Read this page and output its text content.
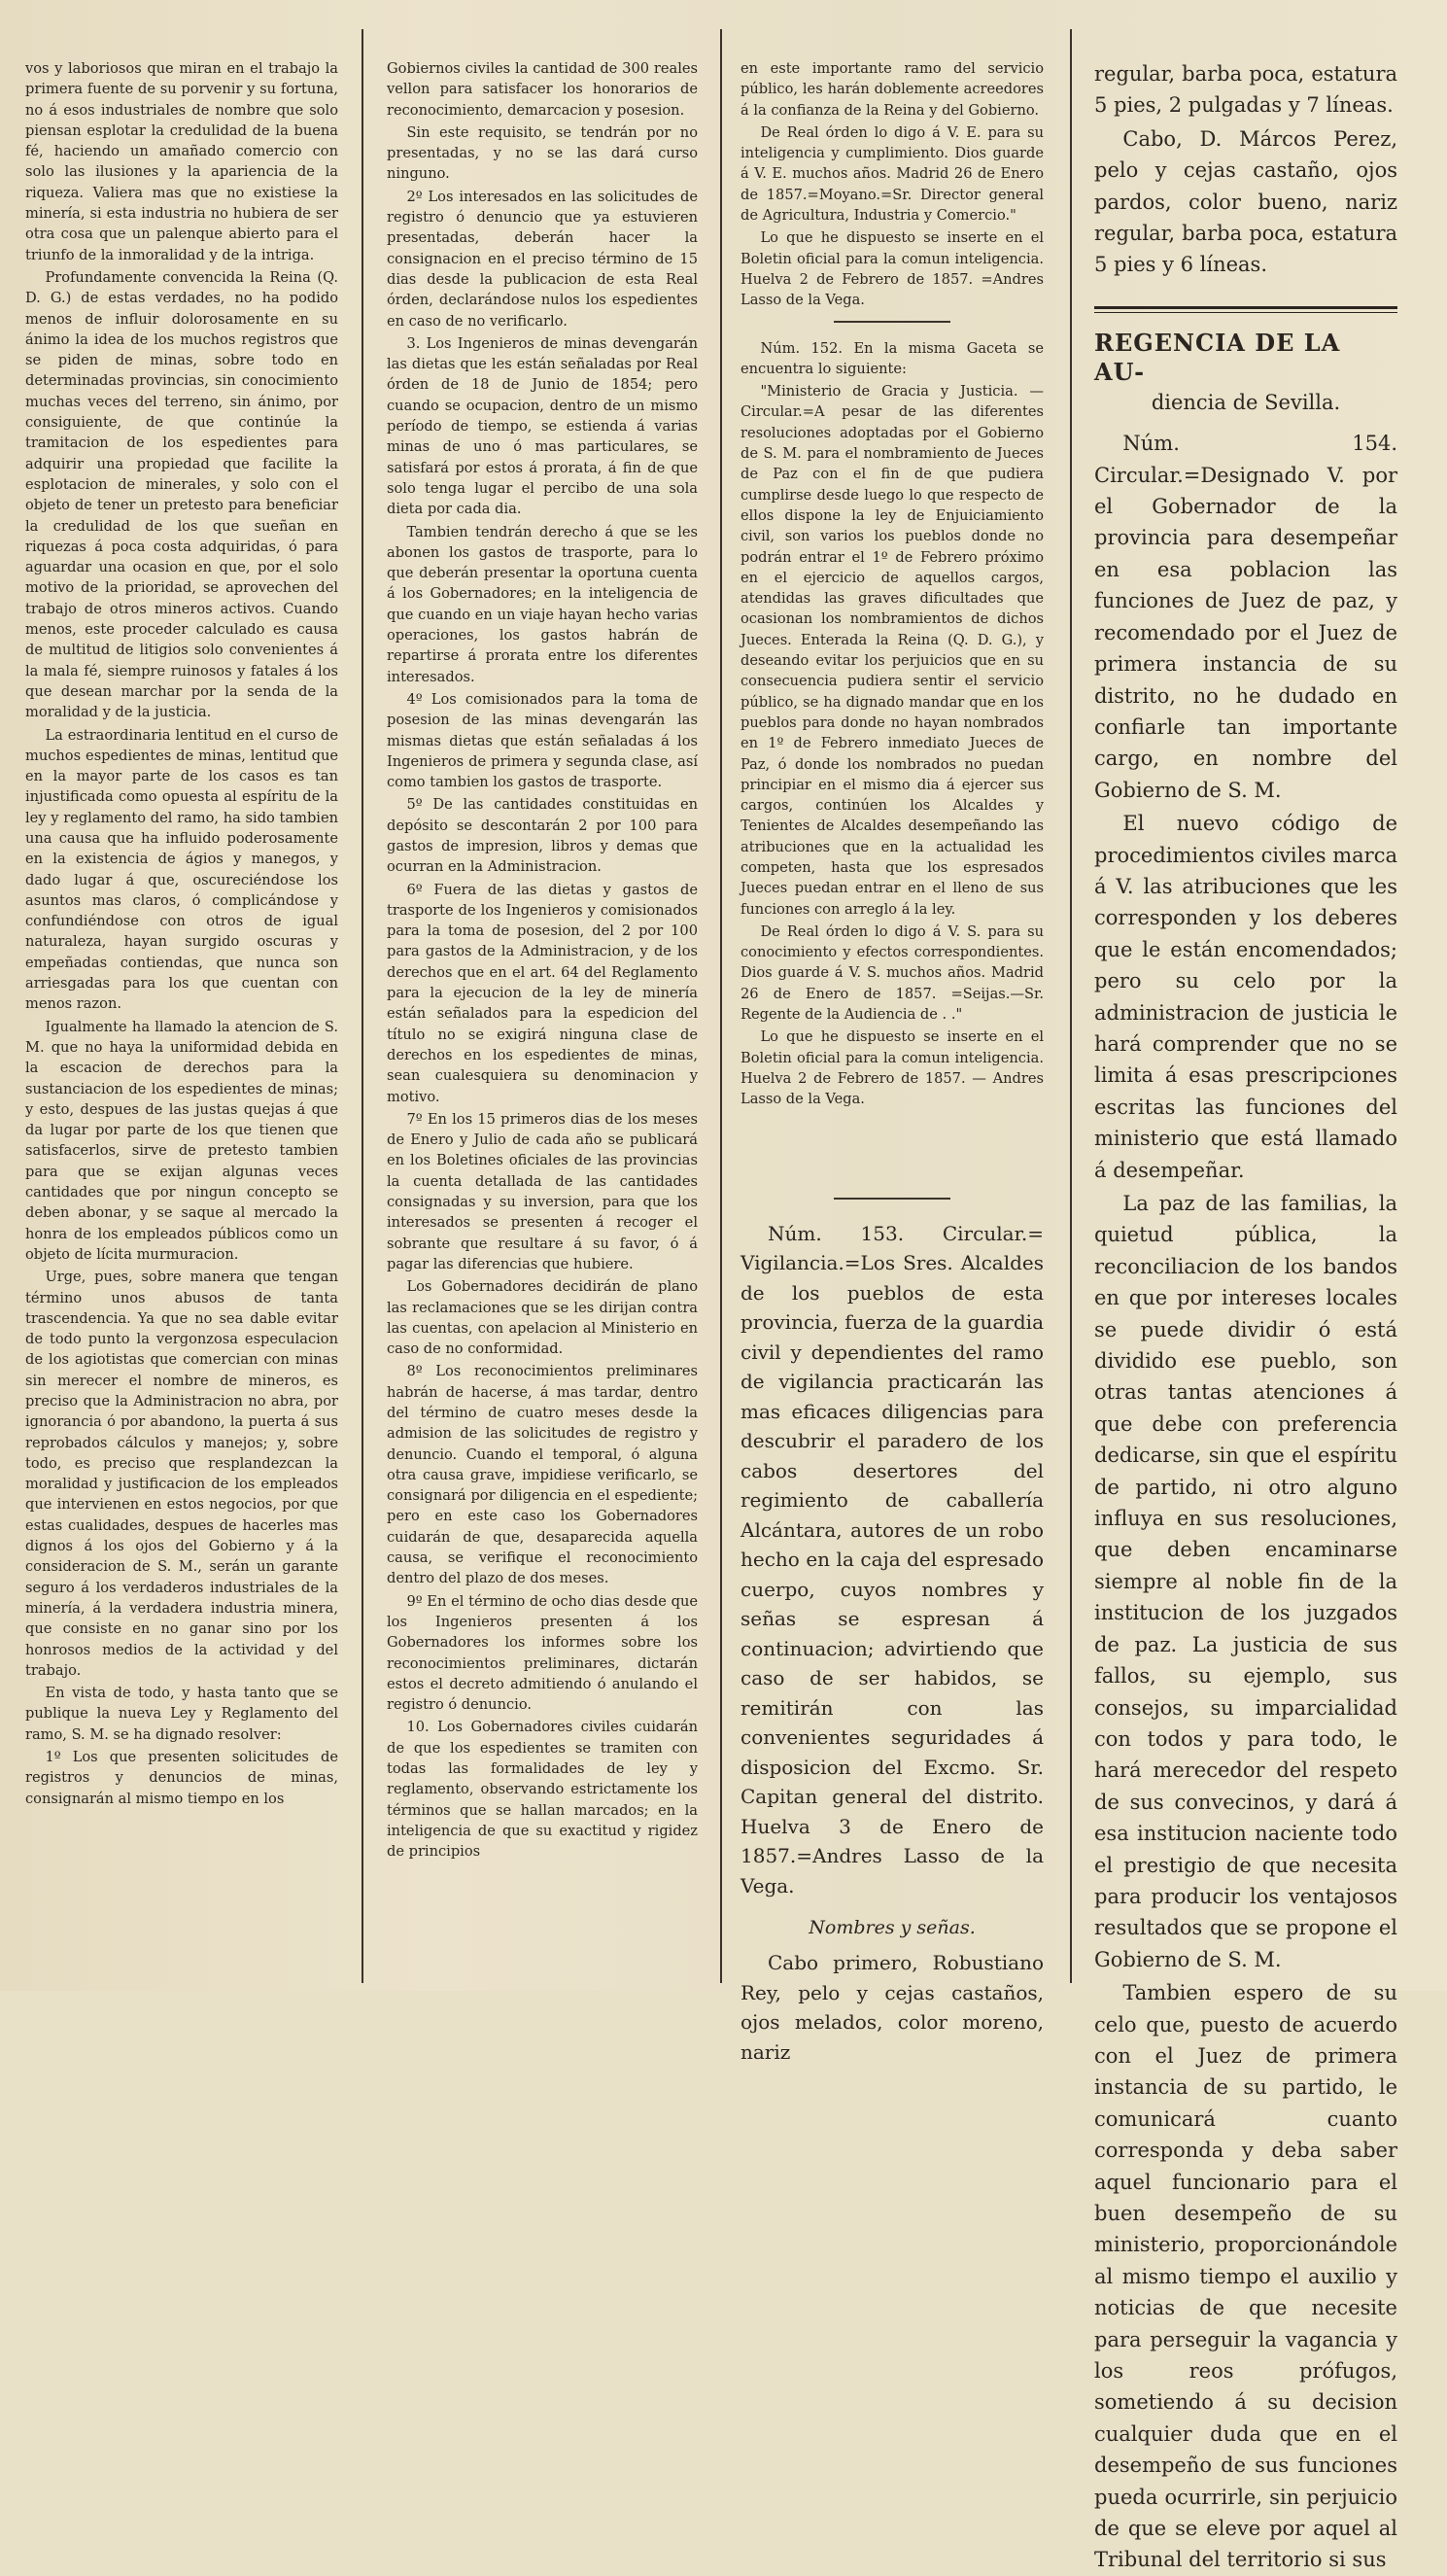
vos y laboriosos que miran en el trabajo la primera fuente de su porvenir y su fortuna, no á esos industriales de nombre que solo piensan esplotar la credulidad de la buena fé, haciendo un amañado comercio con solo las ilusiones y la apariencia de la riqueza. Valiera mas que no existiese la minería, si esta industria no hubiera de ser otra cosa que un palenque abierto para el triunfo de la inmoralidad y de la intriga.

Profundamente convencida la Reina (Q. D. G.) de estas verdades, no ha podido menos de influir dolorosamente en su ánimo la idea de los muchos registros que se piden de minas, sobre todo en determinadas provincias, sin conocimiento muchas veces del terreno, sin ánimo, por consiguiente, de que continúe la tramitacion de los espedientes para adquirir una propiedad que facilite la esplotacion de minerales, y solo con el objeto de tener un pretesto para beneficiar la credulidad de los que sueñan en riquezas á poca costa adquiridas, ó para aguardar una ocasion en que, por el solo motivo de la prioridad, se aprovechen del trabajo de otros mineros activos. Cuando menos, este proceder calculado es causa de multitud de litigios solo convenientes á la mala fé, siempre ruinosos y fatales á los que desean marchar por la senda de la moralidad y de la justicia.

La estraordinaria lentitud en el curso de muchos espedientes de minas, lentitud que en la mayor parte de los casos es tan injustificada como opuesta al espíritu de la ley y reglamento del ramo, ha sido tambien una causa que ha influido poderosamente en la existencia de ágios y manegos, y dado lugar á que, oscureciéndose los asuntos mas claros, ó complicándose y confundiéndose con otros de igual naturaleza, hayan surgido oscuras y empeñadas contiendas, que nunca son arriesgadas para los que cuentan con menos razon.

Igualmente ha llamado la atencion de S. M. que no haya la uniformidad debida en la escacion de derechos para la sustanciacion de los espedientes de minas; y esto, despues de las justas quejas á que da lugar por parte de los que tienen que satisfacerlos, sirve de pretesto tambien para que se exijan algunas veces cantidades que por ningun concepto se deben abonar, y se saque al mercado la honra de los empleados públicos como un objeto de lícita murmuracion.

Urge, pues, sobre manera que tengan término unos abusos de tanta trascendencia. Ya que no sea dable evitar de todo punto la vergonzosa especulacion de los agiotistas que comercian con minas sin merecer el nombre de mineros, es preciso que la Administracion no abra, por ignorancia ó por abandono, la puerta á sus reprobados cálculos y manejos; y, sobre todo, es preciso que resplandezcan la moralidad y justificacion de los empleados que intervienen en estos negocios, por que estas cualidades, despues de hacerles mas dignos á los ojos del Gobierno y á la consideracion de S. M., serán un garante seguro á los verdaderos industriales de la minería, á la verdadera industria minera, que consiste en no ganar sino por los honrosos medios de la actividad y del trabajo.

En vista de todo, y hasta tanto que se publique la nueva Ley y Reglamento del ramo, S. M. se ha dignado resolver:

1º Los que presenten solicitudes de registros y denuncios de minas, consignarán al mismo tiempo en los

Gobiernos civiles la cantidad de 300 reales vellon para satisfacer los honorarios de reconocimiento, demarcacion y posesion.

Sin este requisito, se tendrán por no presentadas, y no se las dará curso ninguno.

2º Los interesados en las solicitudes de registro ó denuncio que ya estuvieren presentadas, deberán hacer la consignacion en el preciso término de 15 dias desde la publicacion de esta Real órden, declarándose nulos los espedientes en caso de no verificarlo.

3. Los Ingenieros de minas devengarán las dietas que les están señaladas por Real órden de 18 de Junio de 1854; pero cuando se ocupacion, dentro de un mismo período de tiempo, se estienda á varias minas de uno ó mas particulares, se satisfará por estos á prorata, á fin de que solo tenga lugar el percibo de una sola dieta por cada dia.

Tambien tendrán derecho á que se les abonen los gastos de trasporte, para lo que deberán presentar la oportuna cuenta á los Gobernadores; en la inteligencia de que cuando en un viaje hayan hecho varias operaciones, los gastos habrán de repartirse á prorata entre los diferentes interesados.

4º Los comisionados para la toma de posesion de las minas devengarán las mismas dietas que están señaladas á los Ingenieros de primera y segunda clase, así como tambien los gastos de trasporte.

5º De las cantidades constituidas en depósito se descontarán 2 por 100 para gastos de impresion, libros y demas que ocurran en la Administracion.

6º Fuera de las dietas y gastos de trasporte de los Ingenieros y comisionados para la toma de posesion, del 2 por 100 para gastos de la Administracion, y de los derechos que en el art. 64 del Reglamento para la ejecucion de la ley de minería están señalados para la espedicion del título no se exigirá ninguna clase de derechos en los espedientes de minas, sean cualesquiera su denominacion y motivo.

7º En los 15 primeros dias de los meses de Enero y Julio de cada año se publicará en los Boletines oficiales de las provincias la cuenta detallada de las cantidades consignadas y su inversion, para que los interesados se presenten á recoger el sobrante que resultare á su favor, ó á pagar las diferencias que hubiere.

Los Gobernadores decidirán de plano las reclamaciones que se les dirijan contra las cuentas, con apelacion al Ministerio en caso de no conformidad.

8º Los reconocimientos preliminares habrán de hacerse, á mas tardar, dentro del término de cuatro meses desde la admision de las solicitudes de registro y denuncio. Cuando el temporal, ó alguna otra causa grave, impidiese verificarlo, se consignará por diligencia en el espediente; pero en este caso los Gobernadores cuidarán de que, desaparecida aquella causa, se verifique el reconocimiento dentro del plazo de dos meses.

9º En el término de ocho dias desde que los Ingenieros presenten á los Gobernadores los informes sobre los reconocimientos preliminares, dictarán estos el decreto admitiendo ó anulando el registro ó denuncio.

10. Los Gobernadores civiles cuidarán de que los espedientes se tramiten con todas las formalidades de ley y reglamento, observando estrictamente los términos que se hallan marcados; en la inteligencia de que su exactitud y rigidez de principios

en este importante ramo del servicio público, les harán doblemente acreedores á la confianza de la Reina y del Gobierno.

De Real órden lo digo á V. E. para su inteligencia y cumplimiento. Dios guarde á V. E. muchos años. Madrid 26 de Enero de 1857.=Moyano.=Sr. Director general de Agricultura, Industria y Comercio."

Lo que he dispuesto se inserte en el Boletin oficial para la comun inteligencia. Huelva 2 de Febrero de 1857. =Andres Lasso de la Vega.

Núm. 152. En la misma Gaceta se encuentra lo siguiente:

"Ministerio de Gracia y Justicia. —Circular.=A pesar de las diferentes resoluciones adoptadas por el Gobierno de S. M. para el nombramiento de Jueces de Paz con el fin de que pudiera cumplirse desde luego lo que respecto de ellos dispone la ley de Enjuiciamiento civil, son varios los pueblos donde no podrán entrar el 1º de Febrero próximo en el ejercicio de aquellos cargos, atendidas las graves dificultades que ocasionan los nombramientos de dichos Jueces. Enterada la Reina (Q. D. G.), y deseando evitar los perjuicios que en su consecuencia pudiera sentir el servicio público, se ha dignado mandar que en los pueblos para donde no hayan nombrados en 1º de Febrero inmediato Jueces de Paz, ó donde los nombrados no puedan principiar en el mismo dia á ejercer sus cargos, continúen los Alcaldes y Tenientes de Alcaldes desempeñando las atribuciones que en la actualidad les competen, hasta que los espresados Jueces puedan entrar en el lleno de sus funciones con arreglo á la ley.

De Real órden lo digo á V. S. para su conocimiento y efectos correspondientes. Dios guarde á V. S. muchos años. Madrid 26 de Enero de 1857. =Seijas.—Sr. Regente de la Audiencia de . ."

Lo que he dispuesto se inserte en el Boletin oficial para la comun inteligencia. Huelva 2 de Febrero de 1857. — Andres Lasso de la Vega.

Núm. 153. Circular.= Vigilancia.=Los Sres. Alcaldes de los pueblos de esta provincia, fuerza de la guardia civil y dependientes del ramo de vigilancia practicarán las mas eficaces diligencias para descubrir el paradero de los cabos desertores del regimiento de caballería Alcántara, autores de un robo hecho en la caja del espresado cuerpo, cuyos nombres y señas se espresan á continuacion; advirtiendo que caso de ser habidos, se remitirán con las convenientes seguridades á disposicion del Excmo. Sr. Capitan general del distrito. Huelva 3 de Enero de 1857.=Andres Lasso de la Vega.

Nombres y señas.

Cabo primero, Robustiano Rey, pelo y cejas castaños, ojos melados, color moreno, nariz

regular, barba poca, estatura 5 pies, 2 pulgadas y 7 líneas.

Cabo, D. Márcos Perez, pelo y cejas castaño, ojos pardos, color bueno, nariz regular, barba poca, estatura 5 pies y 6 líneas.

REGENCIA DE LA AU-

diencia de Sevilla.

Núm. 154. Circular.=Designado V. por el Gobernador de la provincia para desempeñar en esa poblacion las funciones de Juez de paz, y recomendado por el Juez de primera instancia de su distrito, no he dudado en confiarle tan importante cargo, en nombre del Gobierno de S. M.

El nuevo código de procedimientos civiles marca á V. las atribuciones que les corresponden y los deberes que le están encomendados; pero su celo por la administracion de justicia le hará comprender que no se limita á esas prescripciones escritas las funciones del ministerio que está llamado á desempeñar.

La paz de las familias, la quietud pública, la reconciliacion de los bandos en que por intereses locales se puede dividir ó está dividido ese pueblo, son otras tantas atenciones á que debe con preferencia dedicarse, sin que el espíritu de partido, ni otro alguno influya en sus resoluciones, que deben encaminarse siempre al noble fin de la institucion de los juzgados de paz. La justicia de sus fallos, su ejemplo, sus consejos, su imparcialidad con todos y para todo, le hará merecedor del respeto de sus convecinos, y dará á esa institucion naciente todo el prestigio de que necesita para producir los ventajosos resultados que se propone el Gobierno de S. M.

Tambien espero de su celo que, puesto de acuerdo con el Juez de primera instancia de su partido, le comunicará cuanto corresponda y deba saber aquel funcionario para el buen desempeño de su ministerio, proporcionándole al mismo tiempo el auxilio y noticias de que necesite para perseguir la vagancia y los reos prófugos, sometiendo á su decision cualquier duda que en el desempeño de sus funciones pueda ocurrirle, sin perjuicio de que se eleve por aquel al Tribunal del territorio si sus
